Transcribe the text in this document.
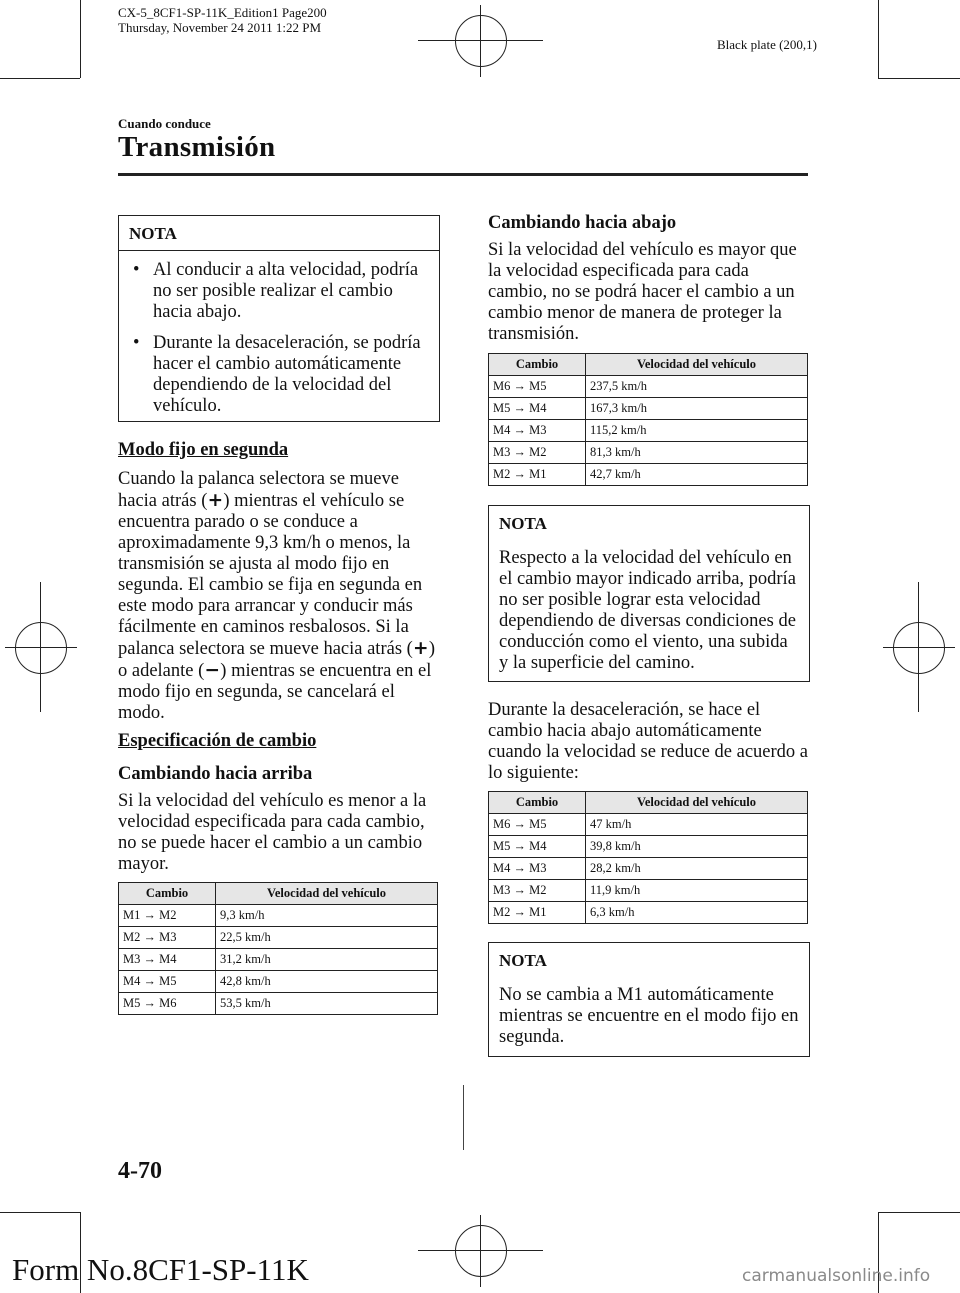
CX-5_8CF1-SP-11K_Edition1 Page200
Thursday, November 24 2011 1:22 PM
Black plate (200,1)
Cuando conduce
Transmisión
NOTA
• Al conducir a alta velocidad, podría no ser posible realizar el cambio hacia abajo.
• Durante la desaceleración, se podría hacer el cambio automáticamente dependiendo de la velocidad del vehículo.
Modo fijo en segunda
Cuando la palanca selectora se mueve hacia atrás (+) mientras el vehículo se encuentra parado o se conduce a aproximadamente 9,3 km/h o menos, la transmisión se ajusta al modo fijo en segunda. El cambio se fija en segunda en este modo para arrancar y conducir más fácilmente en caminos resbalosos. Si la palanca selectora se mueve hacia atrás (+) o adelante (−) mientras se encuentra en el modo fijo en segunda, se cancelará el modo.
Especificación de cambio
Cambiando hacia arriba
Si la velocidad del vehículo es menor a la velocidad especificada para cada cambio, no se puede hacer el cambio a un cambio mayor.
Cambio	Velocidad del vehículo
M1 → M2	9,3 km/h
M2 → M3	22,5 km/h
M3 → M4	31,2 km/h
M4 → M5	42,8 km/h
M5 → M6	53,5 km/h
Cambiando hacia abajo
Si la velocidad del vehículo es mayor que la velocidad especificada para cada cambio, no se podrá hacer el cambio a un cambio menor de manera de proteger la transmisión.
Cambio	Velocidad del vehículo
M6 → M5	237,5 km/h
M5 → M4	167,3 km/h
M4 → M3	115,2 km/h
M3 → M2	81,3 km/h
M2 → M1	42,7 km/h
NOTA
Respecto a la velocidad del vehículo en el cambio mayor indicado arriba, podría no ser posible lograr esta velocidad dependiendo de diversas condiciones de conducción como el viento, una subida y la superficie del camino.
Durante la desaceleración, se hace el cambio hacia abajo automáticamente cuando la velocidad se reduce de acuerdo a lo siguiente:
Cambio	Velocidad del vehículo
M6 → M5	47 km/h
M5 → M4	39,8 km/h
M4 → M3	28,2 km/h
M3 → M2	11,9 km/h
M2 → M1	6,3 km/h
NOTA
No se cambia a M1 automáticamente mientras se encuentre en el modo fijo en segunda.
4-70
Form No.8CF1-SP-11K	carmanualsonline.info
